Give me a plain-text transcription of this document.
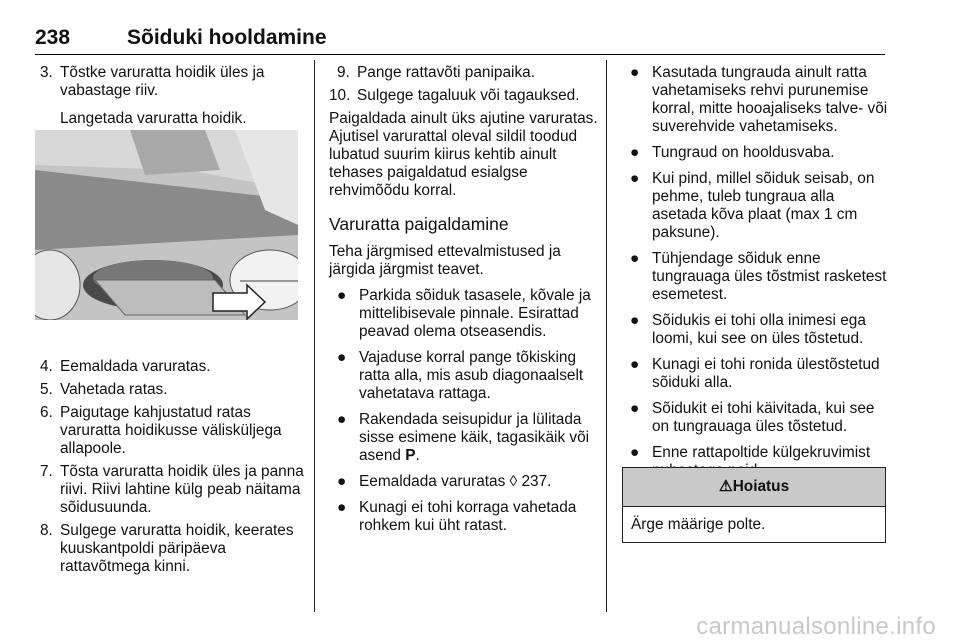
238	Sõiduki hooldamine
3. Tõstke varuratta hoidik üles ja vabastage riiv.
Langetada varuratta hoidik.
4. Eemaldada varuratas.
5. Vahetada ratas.
6. Paigutage kahjustatud ratas varuratta hoidikusse välisküljega allapoole.
7. Tõsta varuratta hoidik üles ja panna riivi. Riivi lahtine külg peab näitama sõidusuunda.
8. Sulgege varuratta hoidik, keerates kuuskantpoldi päripäeva rattavõtmega kinni.
9. Pange rattavõti panipaika.
10. Sulgege tagaluuk või tagauksed.
Paigaldada ainult üks ajutine varuratas. Ajutisel varurattal oleval sildil toodud lubatud suurim kiirus kehtib ainult tehases paigaldatud esialgse rehvimõõdu korral.
Varuratta paigaldamine
Teha järgmised ettevalmistused ja järgida järgmist teavet.
● Parkida sõiduk tasasele, kõvale ja mittelibisevale pinnale. Esirattad peavad olema otseasendis.
● Vajaduse korral pange tõkisking ratta alla, mis asub diagonaalselt vahetatava rattaga.
● Rakendada seisupidur ja lülitada sisse esimene käik, tagasikäik või asend P.
● Eemaldada varuratas ◊ 237.
● Kunagi ei tohi korraga vahetada rohkem kui üht ratast.
● Kasutada tungrauda ainult ratta vahetamiseks rehvi purunemise korral, mitte hooajaliseks talve- või suverehvide vahetamiseks.
● Tungraud on hooldusvaba.
● Kui pind, millel sõiduk seisab, on pehme, tuleb tungraua alla asetada kõva plaat (max 1 cm paksune).
● Tühjendage sõiduk enne tungrauaga üles tõstmist rasketest esemetest.
● Sõidukis ei tohi olla inimesi ega loomi, kui see on üles tõstetud.
● Kunagi ei tohi ronida ülestõstetud sõiduki alla.
● Sõidukit ei tohi käivitada, kui see on tungrauaga üles tõstetud.
● Enne rattapoltide külgekruvimist
⚠Hoiatus
Ärge määrige polte.
carmanualsonline.info
